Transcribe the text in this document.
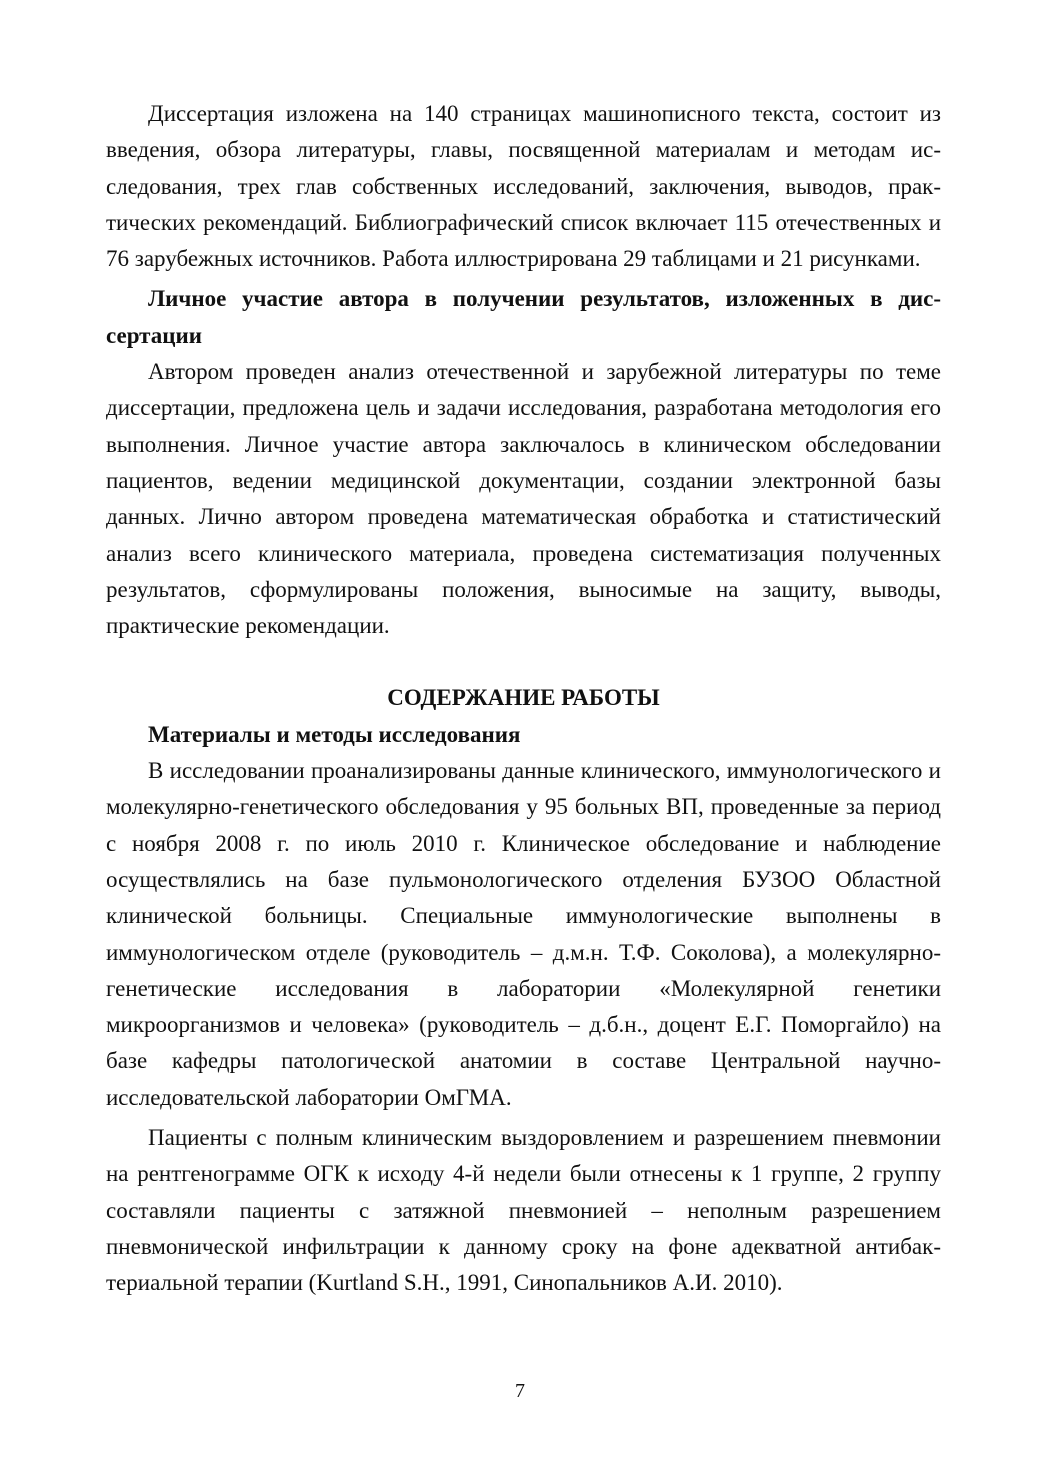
Диссертация изложена на 140 страницах машинописного текста, состоит из введения, обзора литературы, главы, посвященной материалам и методам исследования, трех глав собственных исследований, заключения, выводов, практических рекомендаций. Библиографический список включает 115 отечественных и 76 зарубежных источников. Работа иллюстрирована 29 таблицами и 21 рисунками.

Личное участие автора в получении результатов, изложенных в диссертации

Автором проведен анализ отечественной и зарубежной литературы по теме диссертации, предложена цель и задачи исследования, разработана методология его выполнения. Личное участие автора заключалось в клиническом обследовании пациентов, ведении медицинской документации, создании электронной базы данных. Лично автором проведена математическая обработка и статистический анализ всего клинического материала, проведена систематизация полученных результатов, сформулированы положения, выносимые на защиту, выводы, практические рекомендации.

СОДЕРЖАНИЕ РАБОТЫ
Материалы и методы исследования

В исследовании проанализированы данные клинического, иммунологического и молекулярно-генетического обследования у 95 больных ВП, проведенные за период с ноября 2008 г. по июль 2010 г. Клиническое обследование и наблюдение осуществлялись на базе пульмонологического отделения БУЗОО Областной клинической больницы. Специальные иммунологические выполнены в иммунологическом отделе (руководитель – д.м.н. Т.Ф. Соколова), а молекулярно-генетические исследования в лаборатории «Молекулярной генетики микроорганизмов и человека» (руководитель – д.б.н., доцент Е.Г. Поморгайло) на базе кафедры патологической анатомии в составе Центральной научно-исследовательской лаборатории ОмГМА.

Пациенты с полным клиническим выздоровлением и разрешением пневмонии на рентгенограмме ОГК к исходу 4-й недели были отнесены к 1 группе, 2 группу составляли пациенты с затяжной пневмонией – неполным разрешением пневмонической инфильтрации к данному сроку на фоне адекватной антибактериальной терапии (Kurtland S.H., 1991, Синопальников А.И. 2010).

7
